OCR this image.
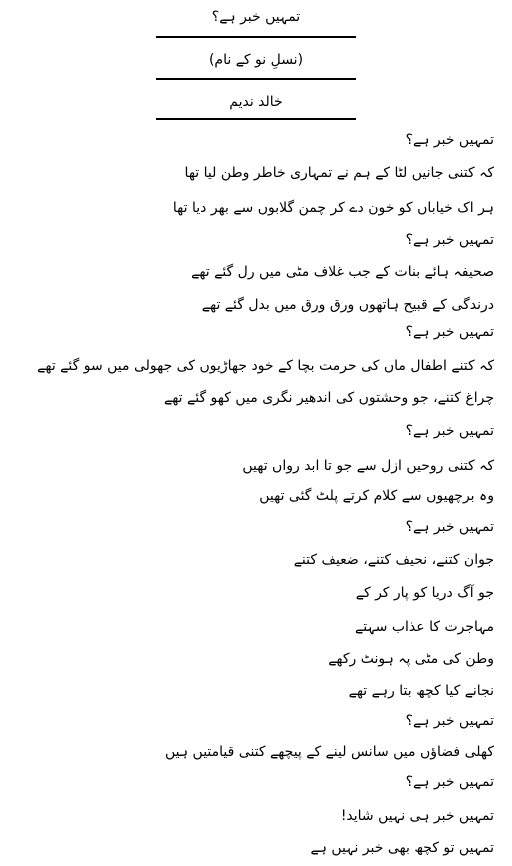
تمہیں خبر ہے؟
(نسلِ نو کے نام)
خالد ندیم
تمہیں خبر ہے؟
کہ کتنی جانیں لٹا کے ہم نے تمہاری خاطر وطن لیا تھا
ہر اک خیاباں کو خون دے کر چمن گلابوں سے بھر دیا تھا
تمہیں خبر ہے؟
صحیفہ ہائے بنات کے جب غلاف مٹی میں رل گئے تھے
درندگی کے قبیح ہاتھوں ورق ورق میں بدل گئے تھے
تمہیں خبر ہے؟
کہ کتنے اطفال ماں کی حرمت بچا کے خود جھاڑیوں کی جھولی میں سو گئے تھے
چراغ کتنے، جو وحشتوں کی اندھیر نگری میں کھو گئے تھے
تمہیں خبر ہے؟
کہ کتنی روحیں ازل سے جو تا ابد رواں تھیں
وہ برچھیوں سے کلام کرتے پلٹ گئی تھیں
تمہیں خبر ہے؟
جوان کتنے، نحیف کتنے، ضعیف کتنے
جو آگ دریا کو پار کر کے
مہاجرت کا عذاب سہتے
وطن کی مٹی پہ ہونٹ رکھے
نجانے کیا کچھ بتا رہے تھے
تمہیں خبر ہے؟
کھلی فضاؤں میں سانس لینے کے پیچھے کتنی قیامتیں ہیں
تمہیں خبر ہے؟
تمہیں خبر ہی نہیں شاید!
تمہیں تو کچھ بھی خبر نہیں ہے
